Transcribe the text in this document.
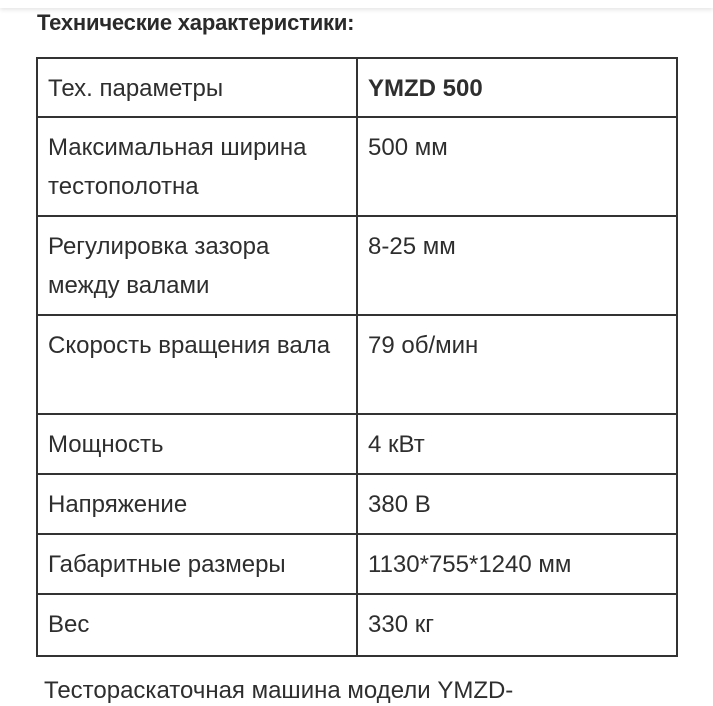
Технические характеристики:
Тех. параметры	YMZD 500
Максимальная ширина тестополотна	500 мм
Регулировка зазора между валами	8-25 мм
Скорость вращения вала	79 об/мин
Мощность	4 кВт
Напряжение	380 В
Габаритные размеры	1130*755*1240 мм
Вес	330 кг

Тестораскаточная машина модели YMZD-
